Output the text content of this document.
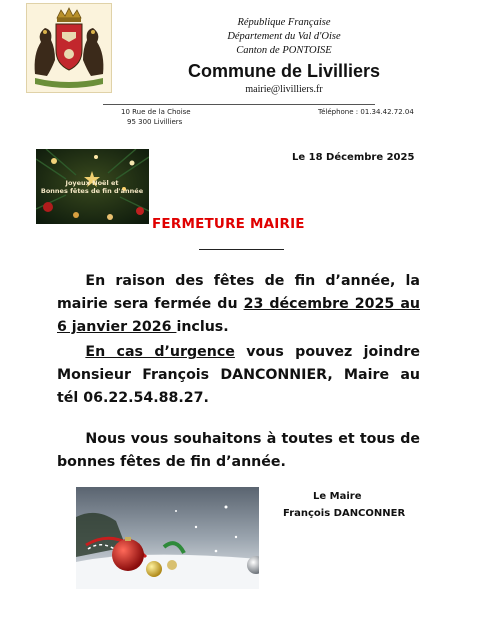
République Française
Département du Val d'Oise
Canton de PONTOISE
Commune de Livilliers
mairie@livilliers.fr
10 Rue de la Choise
95 300 Livilliers
Téléphone : 01.34.42.72.04
Joyeux Noël et
Bonnes fêtes de fin d'année
Le 18 Décembre 2025
FERMETURE MAIRIE
  En raison des fêtes de fin d’année, la
mairie sera fermée du 23 décembre 2025 au
6 janvier 2026 inclus.
  En cas d’urgence vous pouvez joindre
Monsieur François DANCONNIER, Maire au
tél 06.22.54.88.27.
  Nous vous souhaitons à toutes et tous de
bonnes fêtes de fin d’année.
Le Maire
François DANCONNER
